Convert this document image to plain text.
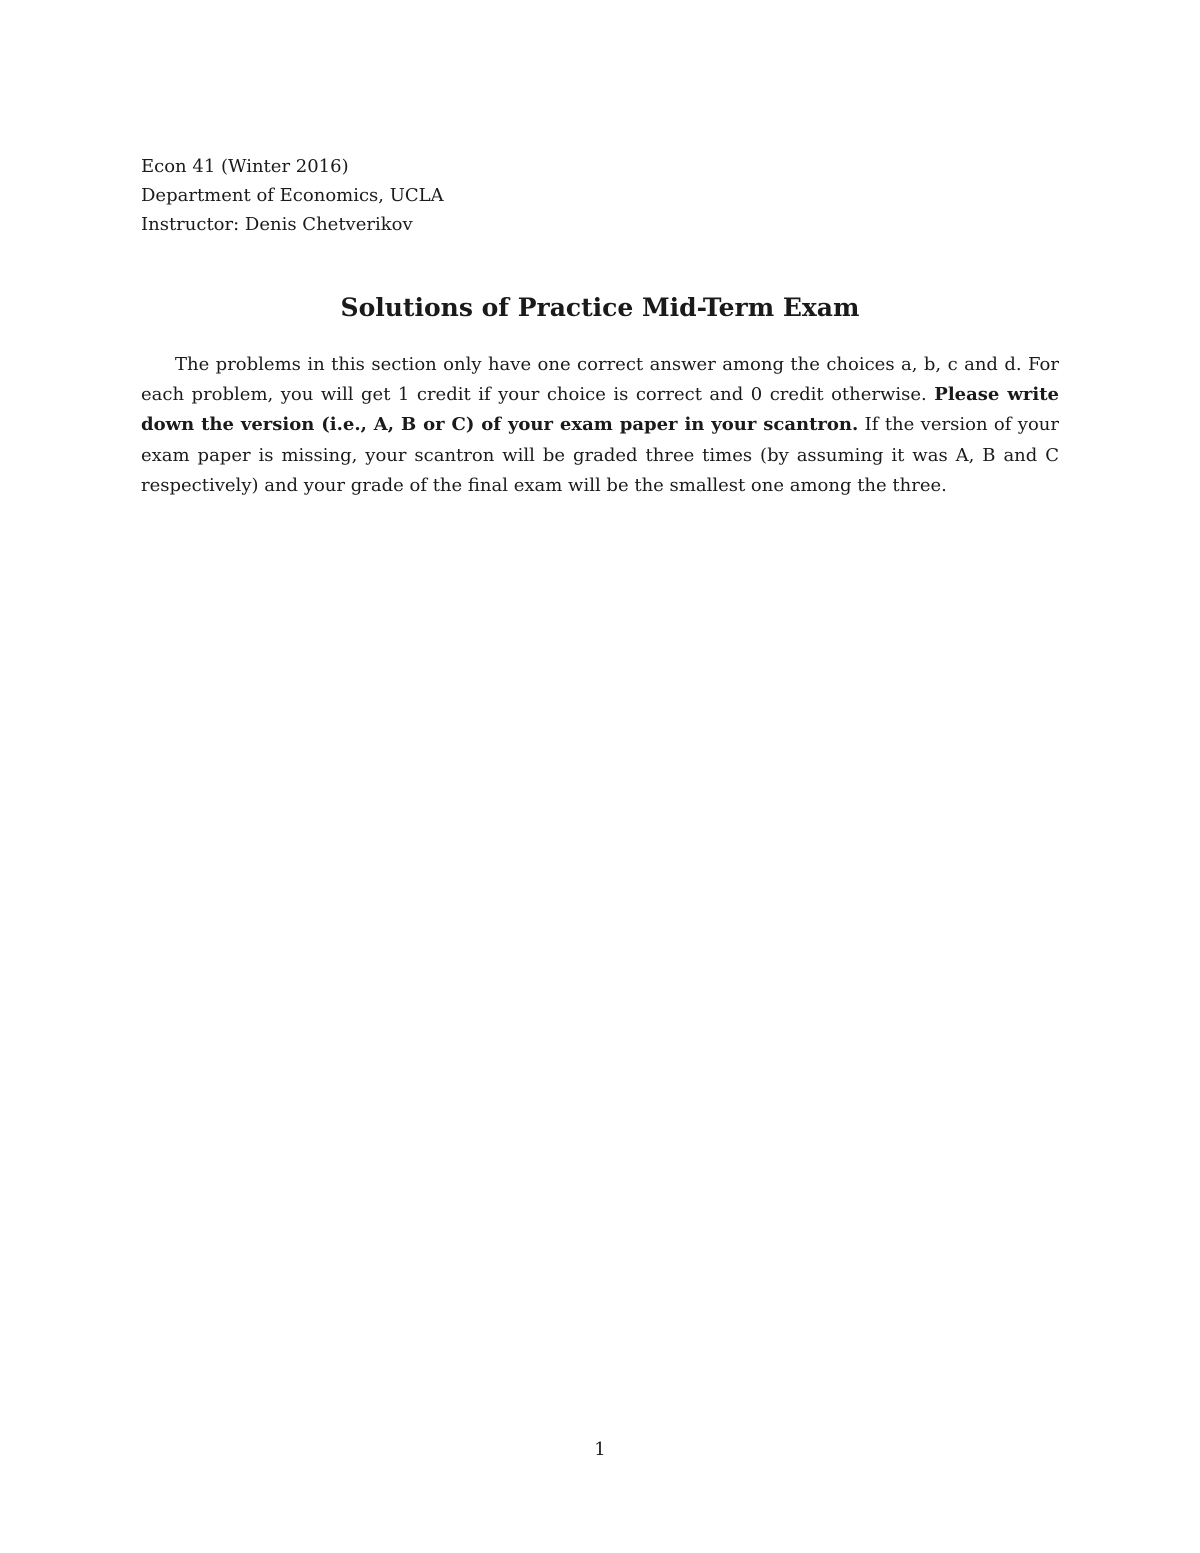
Econ 41 (Winter 2016)
Department of Economics, UCLA
Instructor: Denis Chetverikov
Solutions of Practice Mid-Term Exam

The problems in this section only have one correct answer among the choices a, b, c and d. For each problem, you will get 1 credit if your choice is correct and 0 credit otherwise. Please write down the version (i.e., A, B or C) of your exam paper in your scantron. If the version of your exam paper is missing, your scantron will be graded three times (by assuming it was A, B and C respectively) and your grade of the final exam will be the smallest one among the three.

1
